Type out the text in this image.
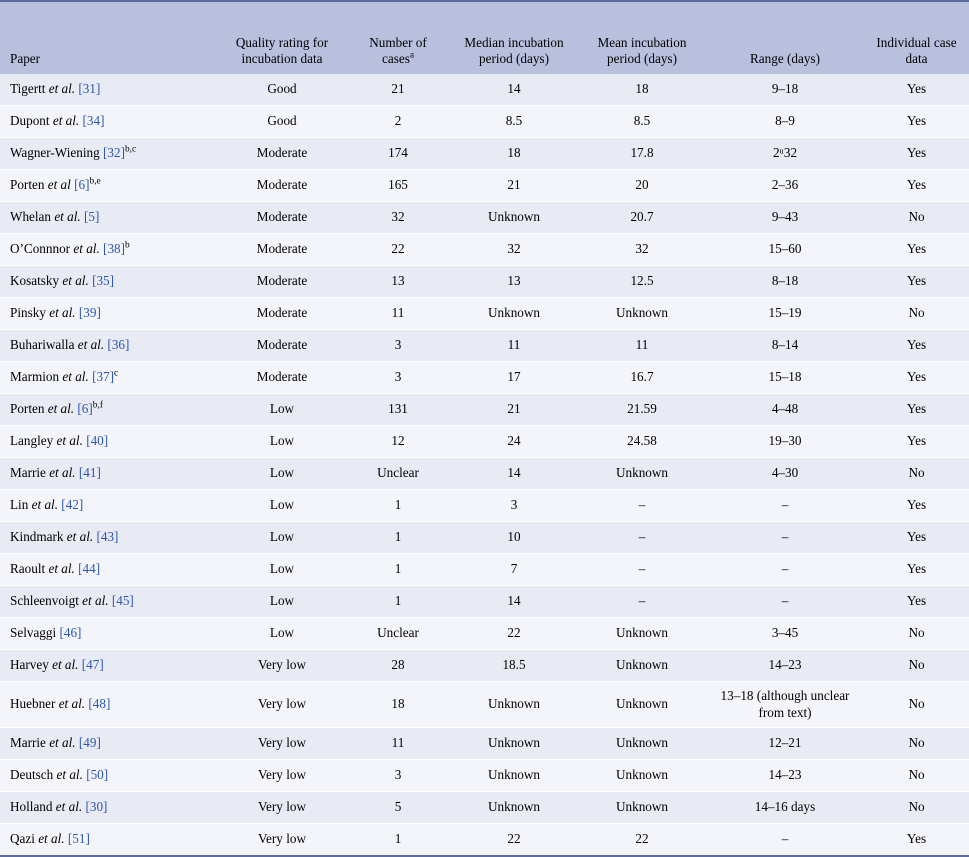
Paper	Quality rating for incubation data	Number of cases$^a$	Median incubation period (days)	Mean incubation period (days)	Range (days)	Individual case data
Tigertt et al. [31]	Good	21	14	18	9–18	Yes
Dupont et al. [34]	Good	2	8.5	8.5	8–9	Yes
Wagner-Wiening $[32]^{b,c}$	Moderate	174	18	17.8	2ᵘ32	Yes
Porten et al $[6]^{b,e}$	Moderate	165	21	20	2–36	Yes
Whelan et al. [5]	Moderate	32	Unknown	20.7	9–43	No
O’Connnor et al. $[38]^b$	Moderate	22	32	32	15–60	Yes
Kosatsky et al. [35]	Moderate	13	13	12.5	8–18	Yes
Pinsky et al. [39]	Moderate	11	Unknown	Unknown	15–19	No
Buhariwalla et al. [36]	Moderate	3	11	11	8–14	Yes
Marmion et al. $[37]^c$	Moderate	3	17	16.7	15–18	Yes
Porten et al. $[6]^{b,f}$	Low	131	21	21.59	4–48	Yes
Langley et al. [40]	Low	12	24	24.58	19–30	Yes
Marrie et al. [41]	Low	Unclear	14	Unknown	4–30	No
Lin et al. [42]	Low	1	3	–	–	Yes
Kindmark et al. [43]	Low	1	10	–	–	Yes
Raoult et al. [44]	Low	1	7	–	–	Yes
Schleenvoigt et al. [45]	Low	1	14	–	–	Yes
Selvaggi [46]	Low	Unclear	22	Unknown	3–45	No
Harvey et al. [47]	Very low	28	18.5	Unknown	14–23	No
Huebner et al. [48]	Very low	18	Unknown	Unknown	13–18 (although unclear from text)	No
Marrie et al. [49]	Very low	11	Unknown	Unknown	12–21	No
Deutsch et al. [50]	Very low	3	Unknown	Unknown	14–23	No
Holland et al. [30]	Very low	5	Unknown	Unknown	14–16 days	No
Qazi et al. [51]	Very low	1	22	22	–	Yes
